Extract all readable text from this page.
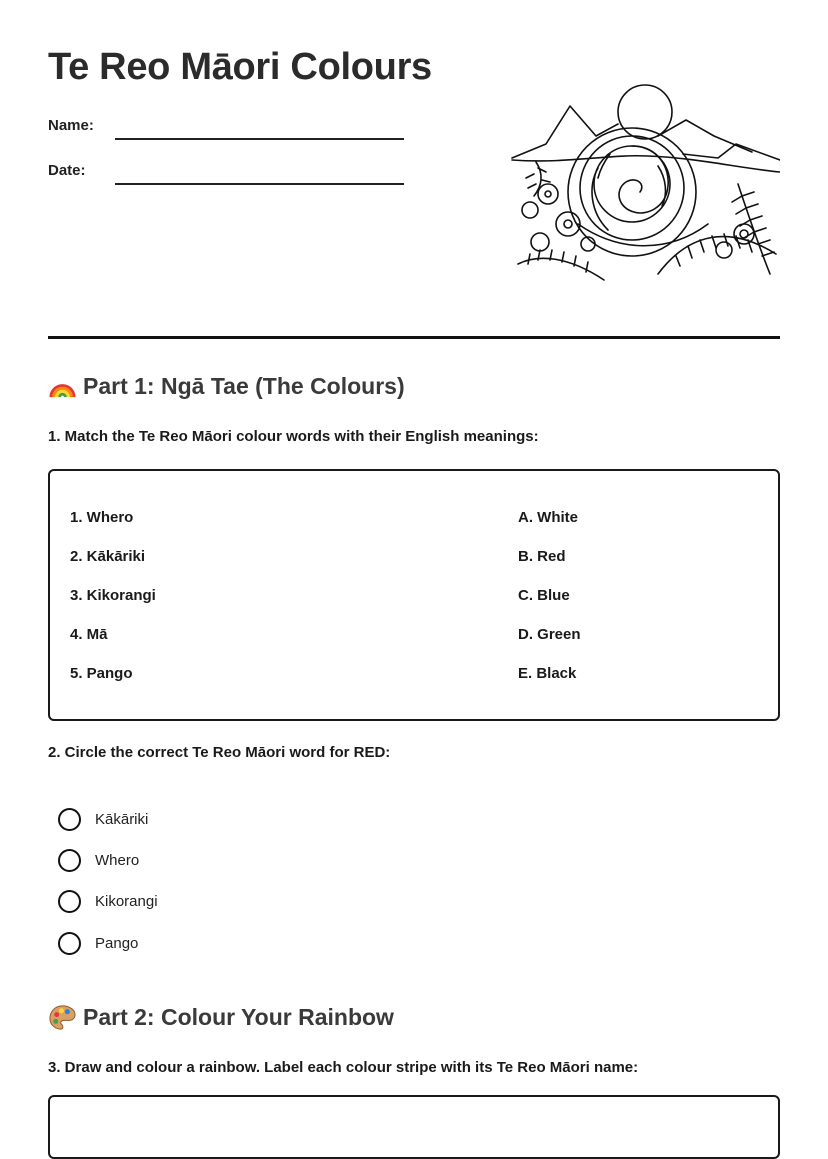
Te Reo Māori Colours
Name:
Date:
Part 1: Ngā Tae (The Colours)

1. Match the Te Reo Māori colour words with their English meanings:

1. Whero
2. Kākāriki
3. Kikorangi
4. Mā
5. Pango
A. White
B. Red
C. Blue
D. Green
E. Black

2. Circle the correct Te Reo Māori word for RED:

Kākāriki
Whero
Kikorangi
Pango
Part 2: Colour Your Rainbow

3. Draw and colour a rainbow. Label each colour stripe with its Te Reo Māori name:
